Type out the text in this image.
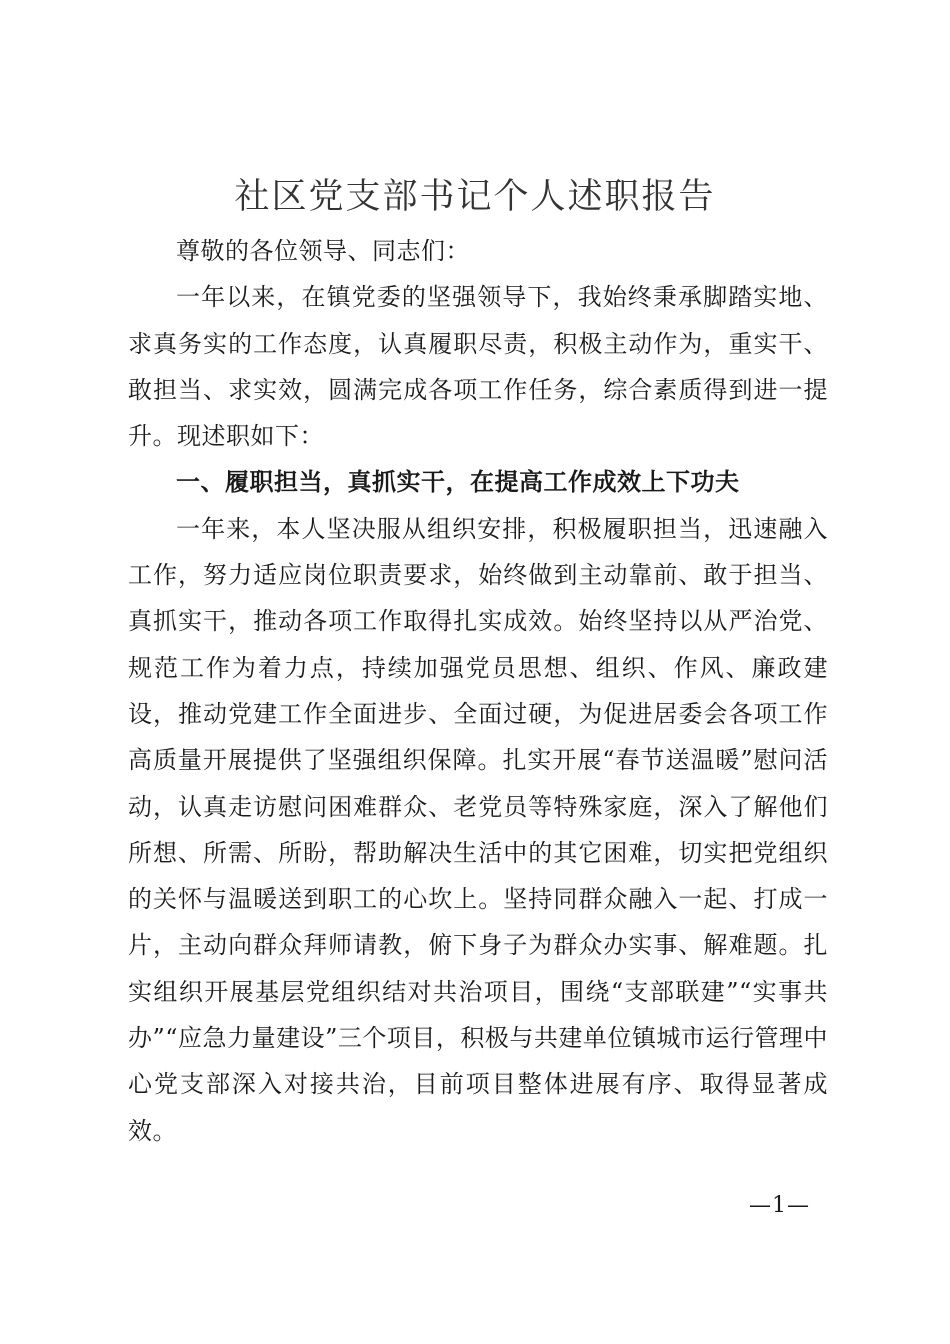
社区党支部书记个人述职报告

尊敬的各位领导、同志们：

一年以来，在镇党委的坚强领导下，我始终秉承脚踏实地、求真务实的工作态度，认真履职尽责，积极主动作为，重实干、敢担当、求实效，圆满完成各项工作任务，综合素质得到进一提升。现述职如下：

一、履职担当，真抓实干，在提高工作成效上下功夫

一年来，本人坚决服从组织安排，积极履职担当，迅速融入工作，努力适应岗位职责要求，始终做到主动靠前、敢于担当、真抓实干，推动各项工作取得扎实成效。始终坚持以从严治党、规范工作为着力点，持续加强党员思想、组织、作风、廉政建设，推动党建工作全面进步、全面过硬，为促进居委会各项工作高质量开展提供了坚强组织保障。扎实开展“春节送温暖”慰问活动，认真走访慰问困难群众、老党员等特殊家庭，深入了解他们所想、所需、所盼，帮助解决生活中的其它困难，切实把党组织的关怀与温暖送到职工的心坎上。坚持同群众融入一起、打成一片，主动向群众拜师请教，俯下身子为群众办实事、解难题。扎实组织开展基层党组织结对共治项目，围绕“支部联建”“实事共办”“应急力量建设”三个项目，积极与共建单位镇城市运行管理中心党支部深入对接共治，目前项目整体进展有序、取得显著成效。

—1—
